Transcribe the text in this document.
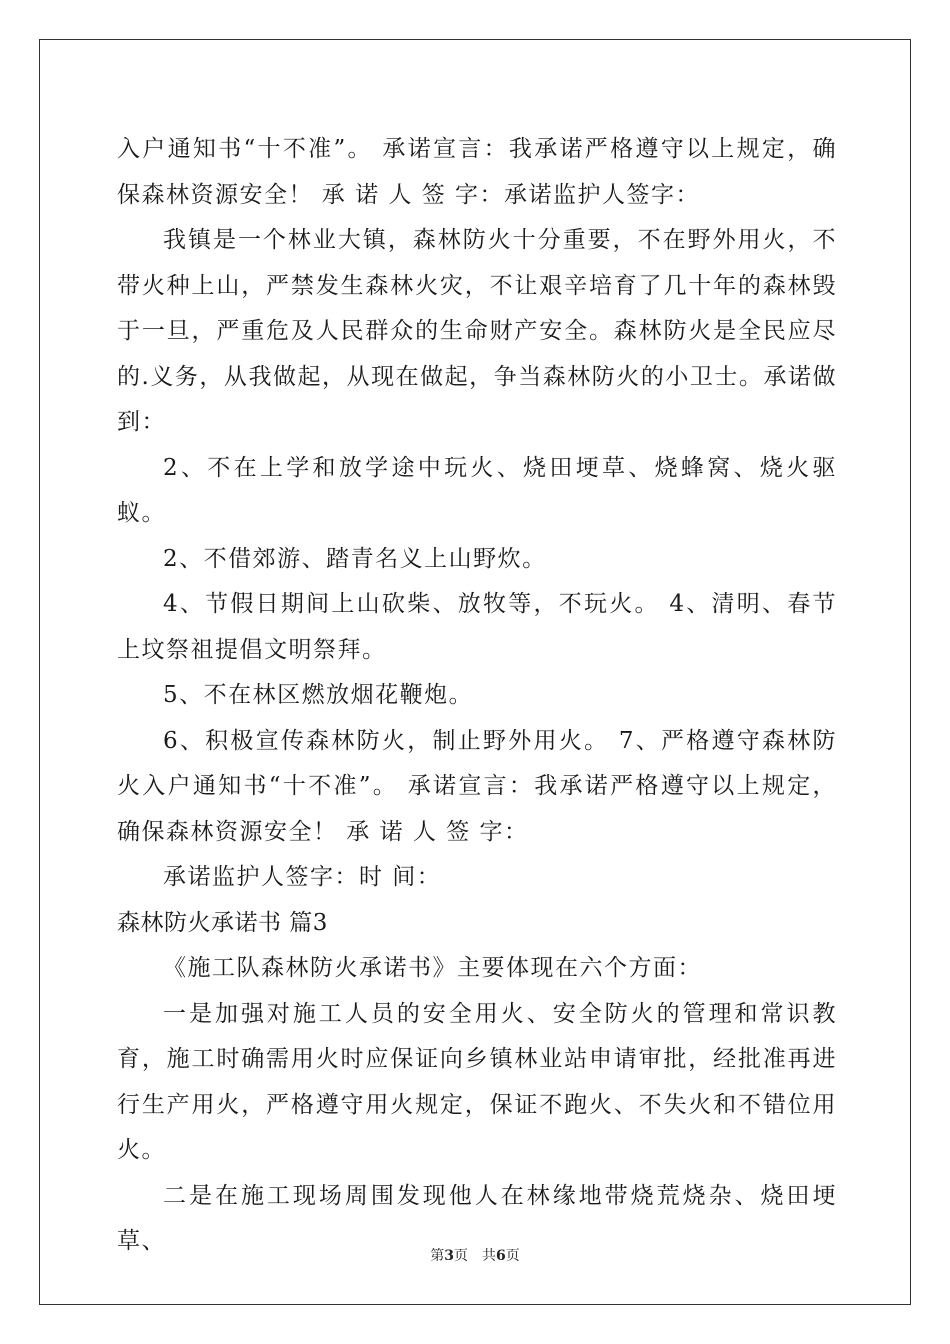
入户通知书“十不准”。 承诺宣言：我承诺严格遵守以上规定，确保森林资源安全！ 承 诺 人 签 字：承诺监护人签字：

我镇是一个林业大镇，森林防火十分重要，不在野外用火，不带火种上山，严禁发生森林火灾，不让艰辛培育了几十年的森林毁于一旦，严重危及人民群众的生命财产安全。森林防火是全民应尽的.义务，从我做起，从现在做起，争当森林防火的小卫士。承诺做到：

2、不在上学和放学途中玩火、烧田埂草、烧蜂窝、烧火驱蚁。

2、不借郊游、踏青名义上山野炊。

4、节假日期间上山砍柴、放牧等，不玩火。 4、清明、春节上坟祭祖提倡文明祭拜。

5、不在林区燃放烟花鞭炮。

6、积极宣传森林防火，制止野外用火。 7、严格遵守森林防火入户通知书“十不准”。 承诺宣言：我承诺严格遵守以上规定，确保森林资源安全！ 承 诺 人 签 字：

承诺监护人签字：时 间：

森林防火承诺书 篇3

《施工队森林防火承诺书》主要体现在六个方面：

一是加强对施工人员的安全用火、安全防火的管理和常识教育，施工时确需用火时应保证向乡镇林业站申请审批，经批准再进行生产用火，严格遵守用火规定，保证不跑火、不失火和不错位用火。

二是在施工现场周围发现他人在林缘地带烧荒烧杂、烧田埂草、

第3页 共6页
